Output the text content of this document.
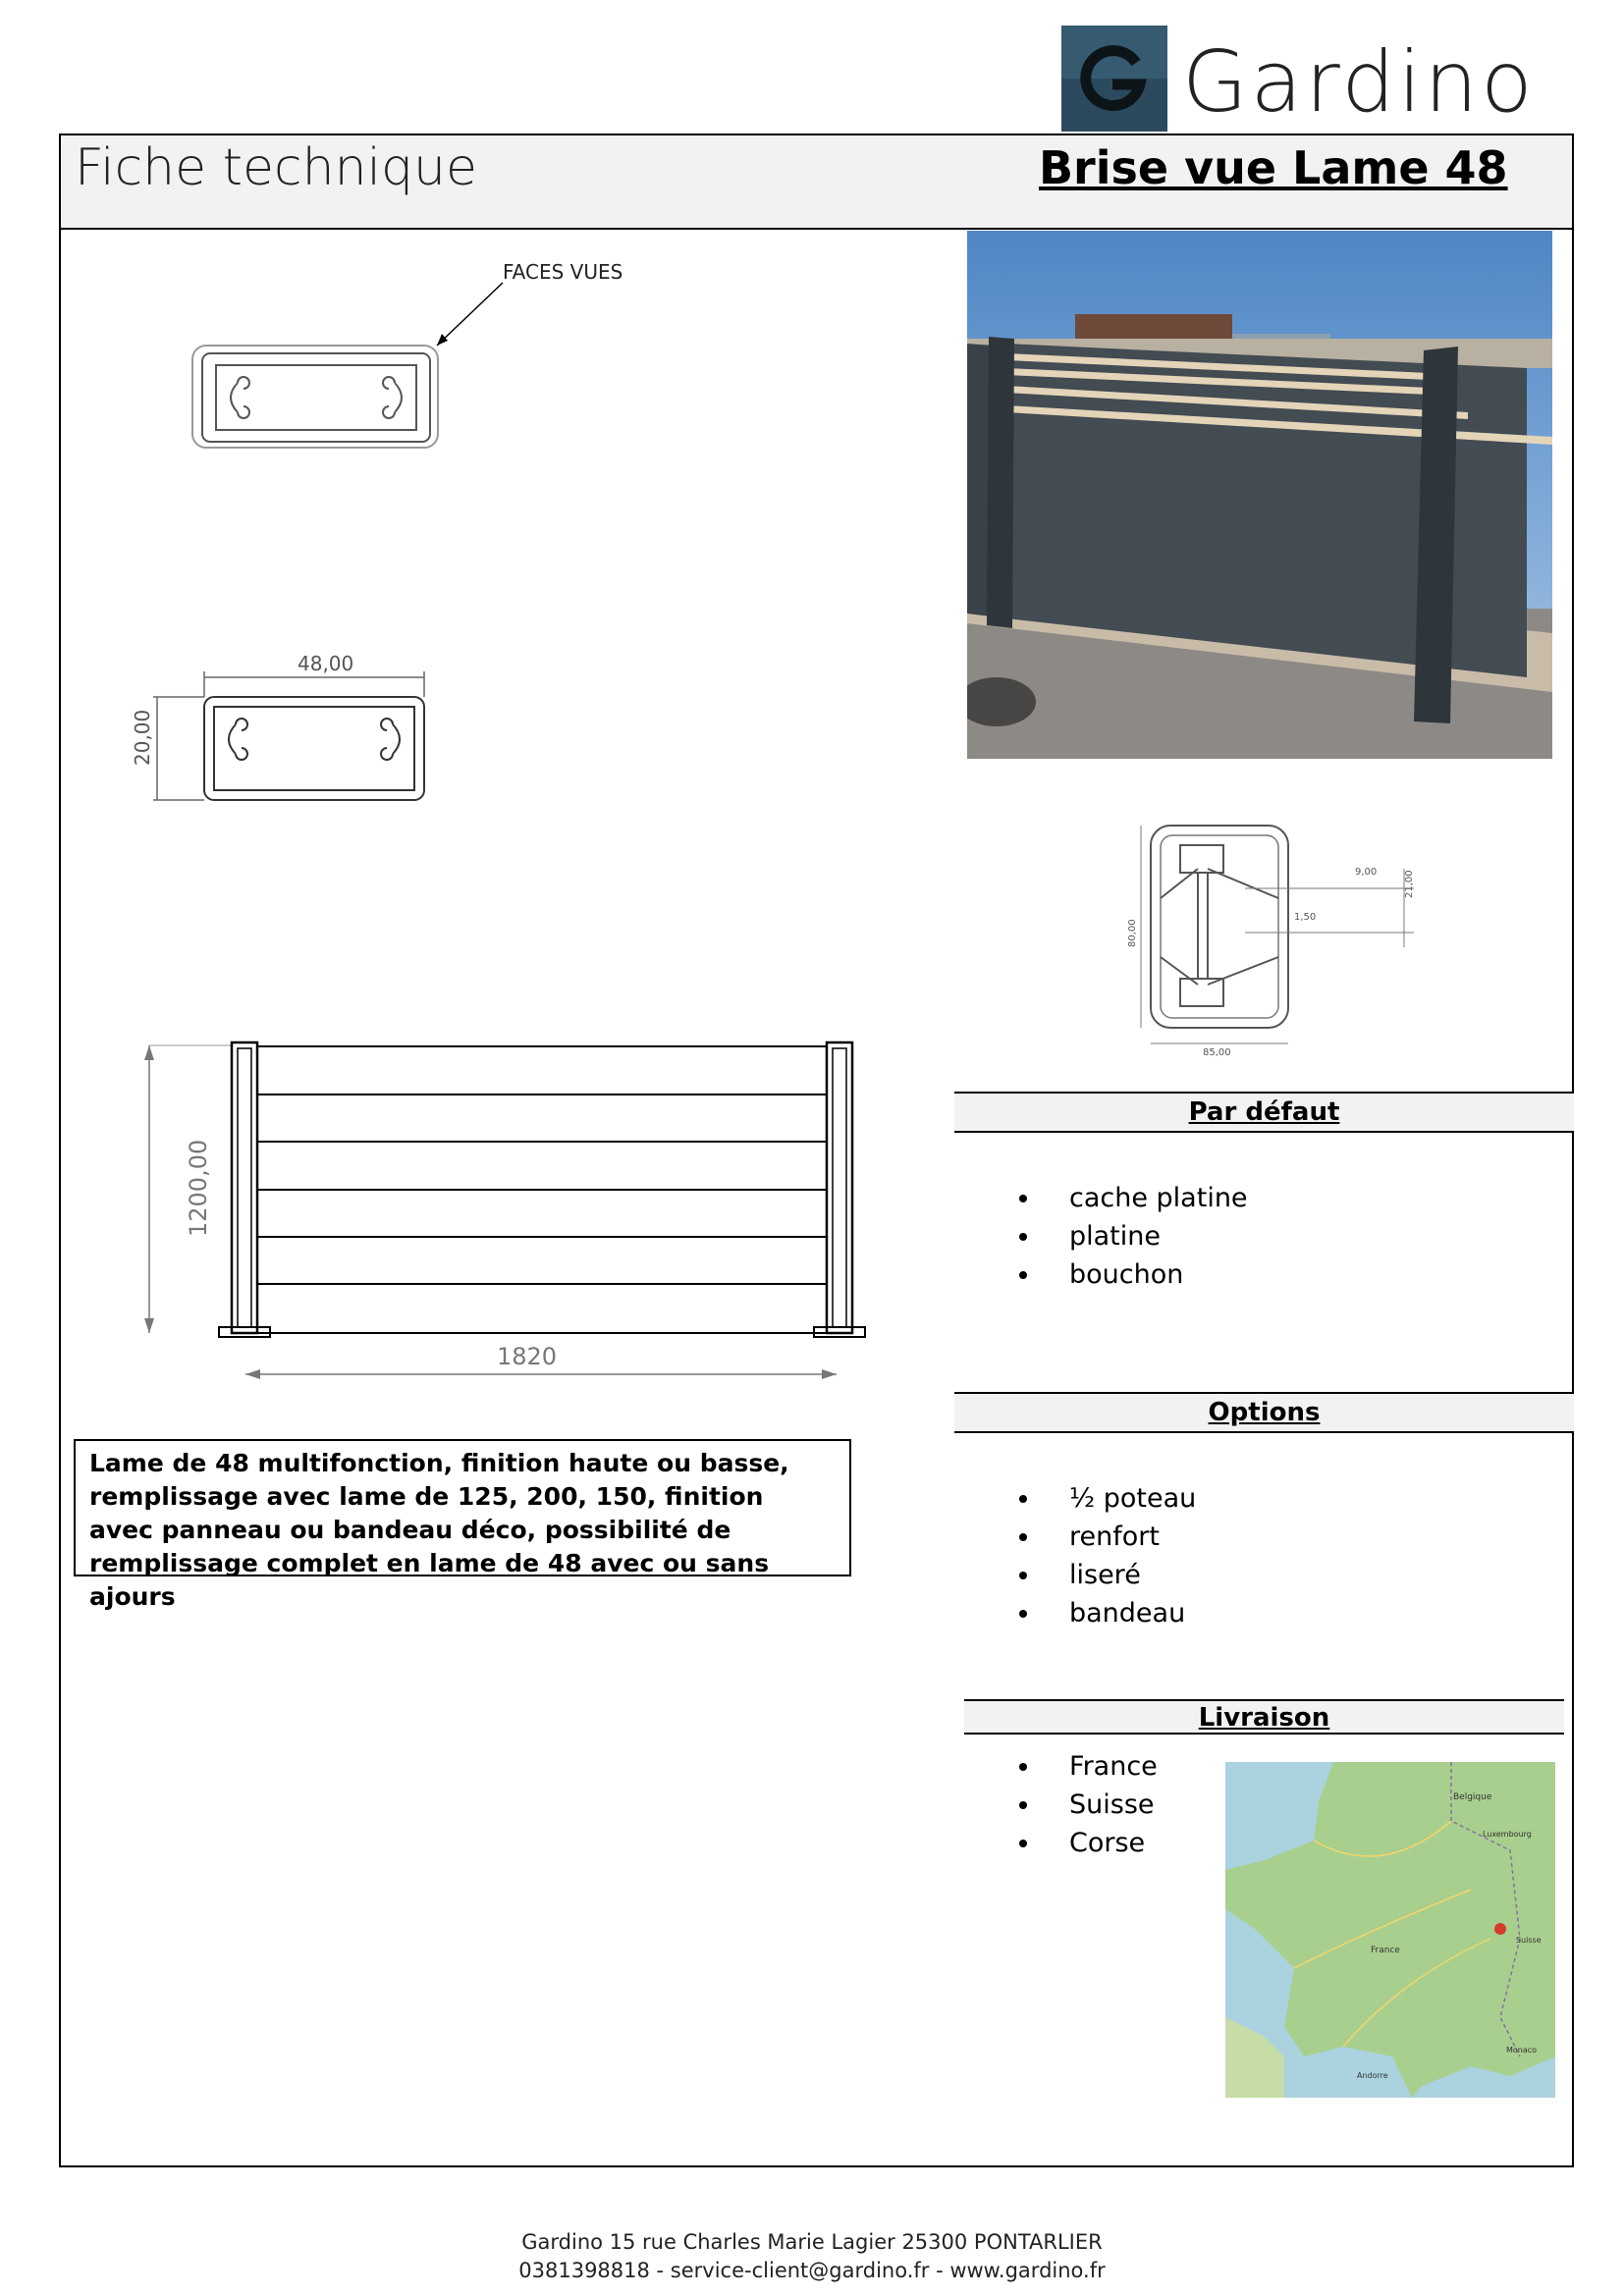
Gardino
Fiche technique	Brise vue Lame 48
FACES VUES
48,00
20,00
1200,00
1820
9,00	21,00
1,50
80,00
85,00
Lame de 48 multifonction, finition haute ou basse, remplissage avec lame de 125, 200, 150, finition avec panneau ou bandeau déco, possibilité de remplissage complet en lame de 48 avec ou sans ajours
Par défaut
cache platine
platine
bouchon
Options
½ poteau
renfort
liseré
bandeau
Livraison
France
Suisse
Corse
France
Belgique
Luxembourg
Suisse
Monaco
Andorre
Gardino 15 rue Charles Marie Lagier 25300 PONTARLIER
0381398818 - service-client@gardino.fr - www.gardino.fr
